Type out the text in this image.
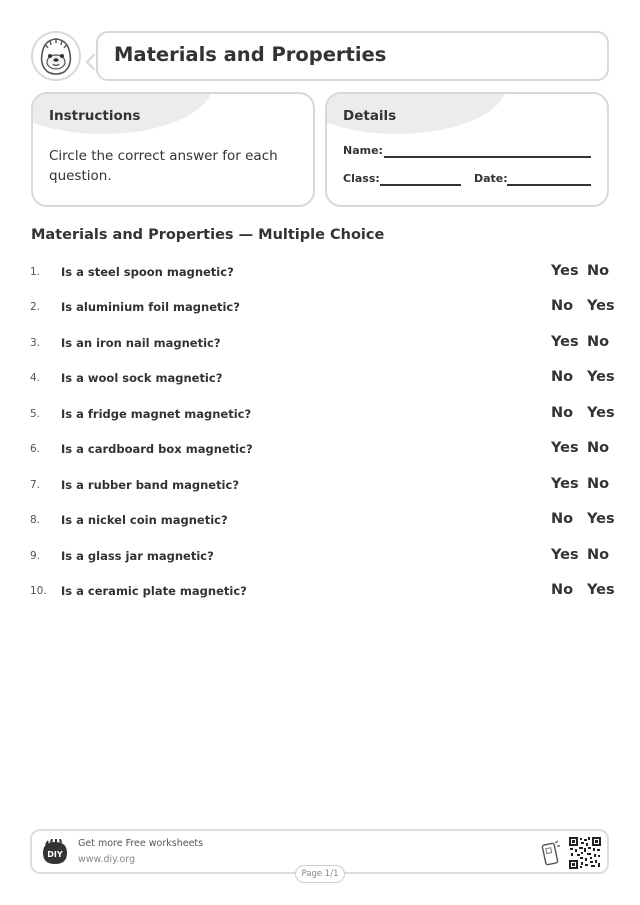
Materials and Properties
Instructions
Circle the correct answer for each question.
Details
Name:
Class:	Date:
Materials and Properties — Multiple Choice
1. Is a steel spoon magnetic?	Yes No
2. Is aluminium foil magnetic?	No Yes
3. Is an iron nail magnetic?	Yes No
4. Is a wool sock magnetic?	No Yes
5. Is a fridge magnet magnetic?	No Yes
6. Is a cardboard box magnetic?	Yes No
7. Is a rubber band magnetic?	Yes No
8. Is a nickel coin magnetic?	No Yes
9. Is a glass jar magnetic?	Yes No
10. Is a ceramic plate magnetic?	No Yes
DIY
Get more Free worksheets
www.diy.org
Page 1/1
